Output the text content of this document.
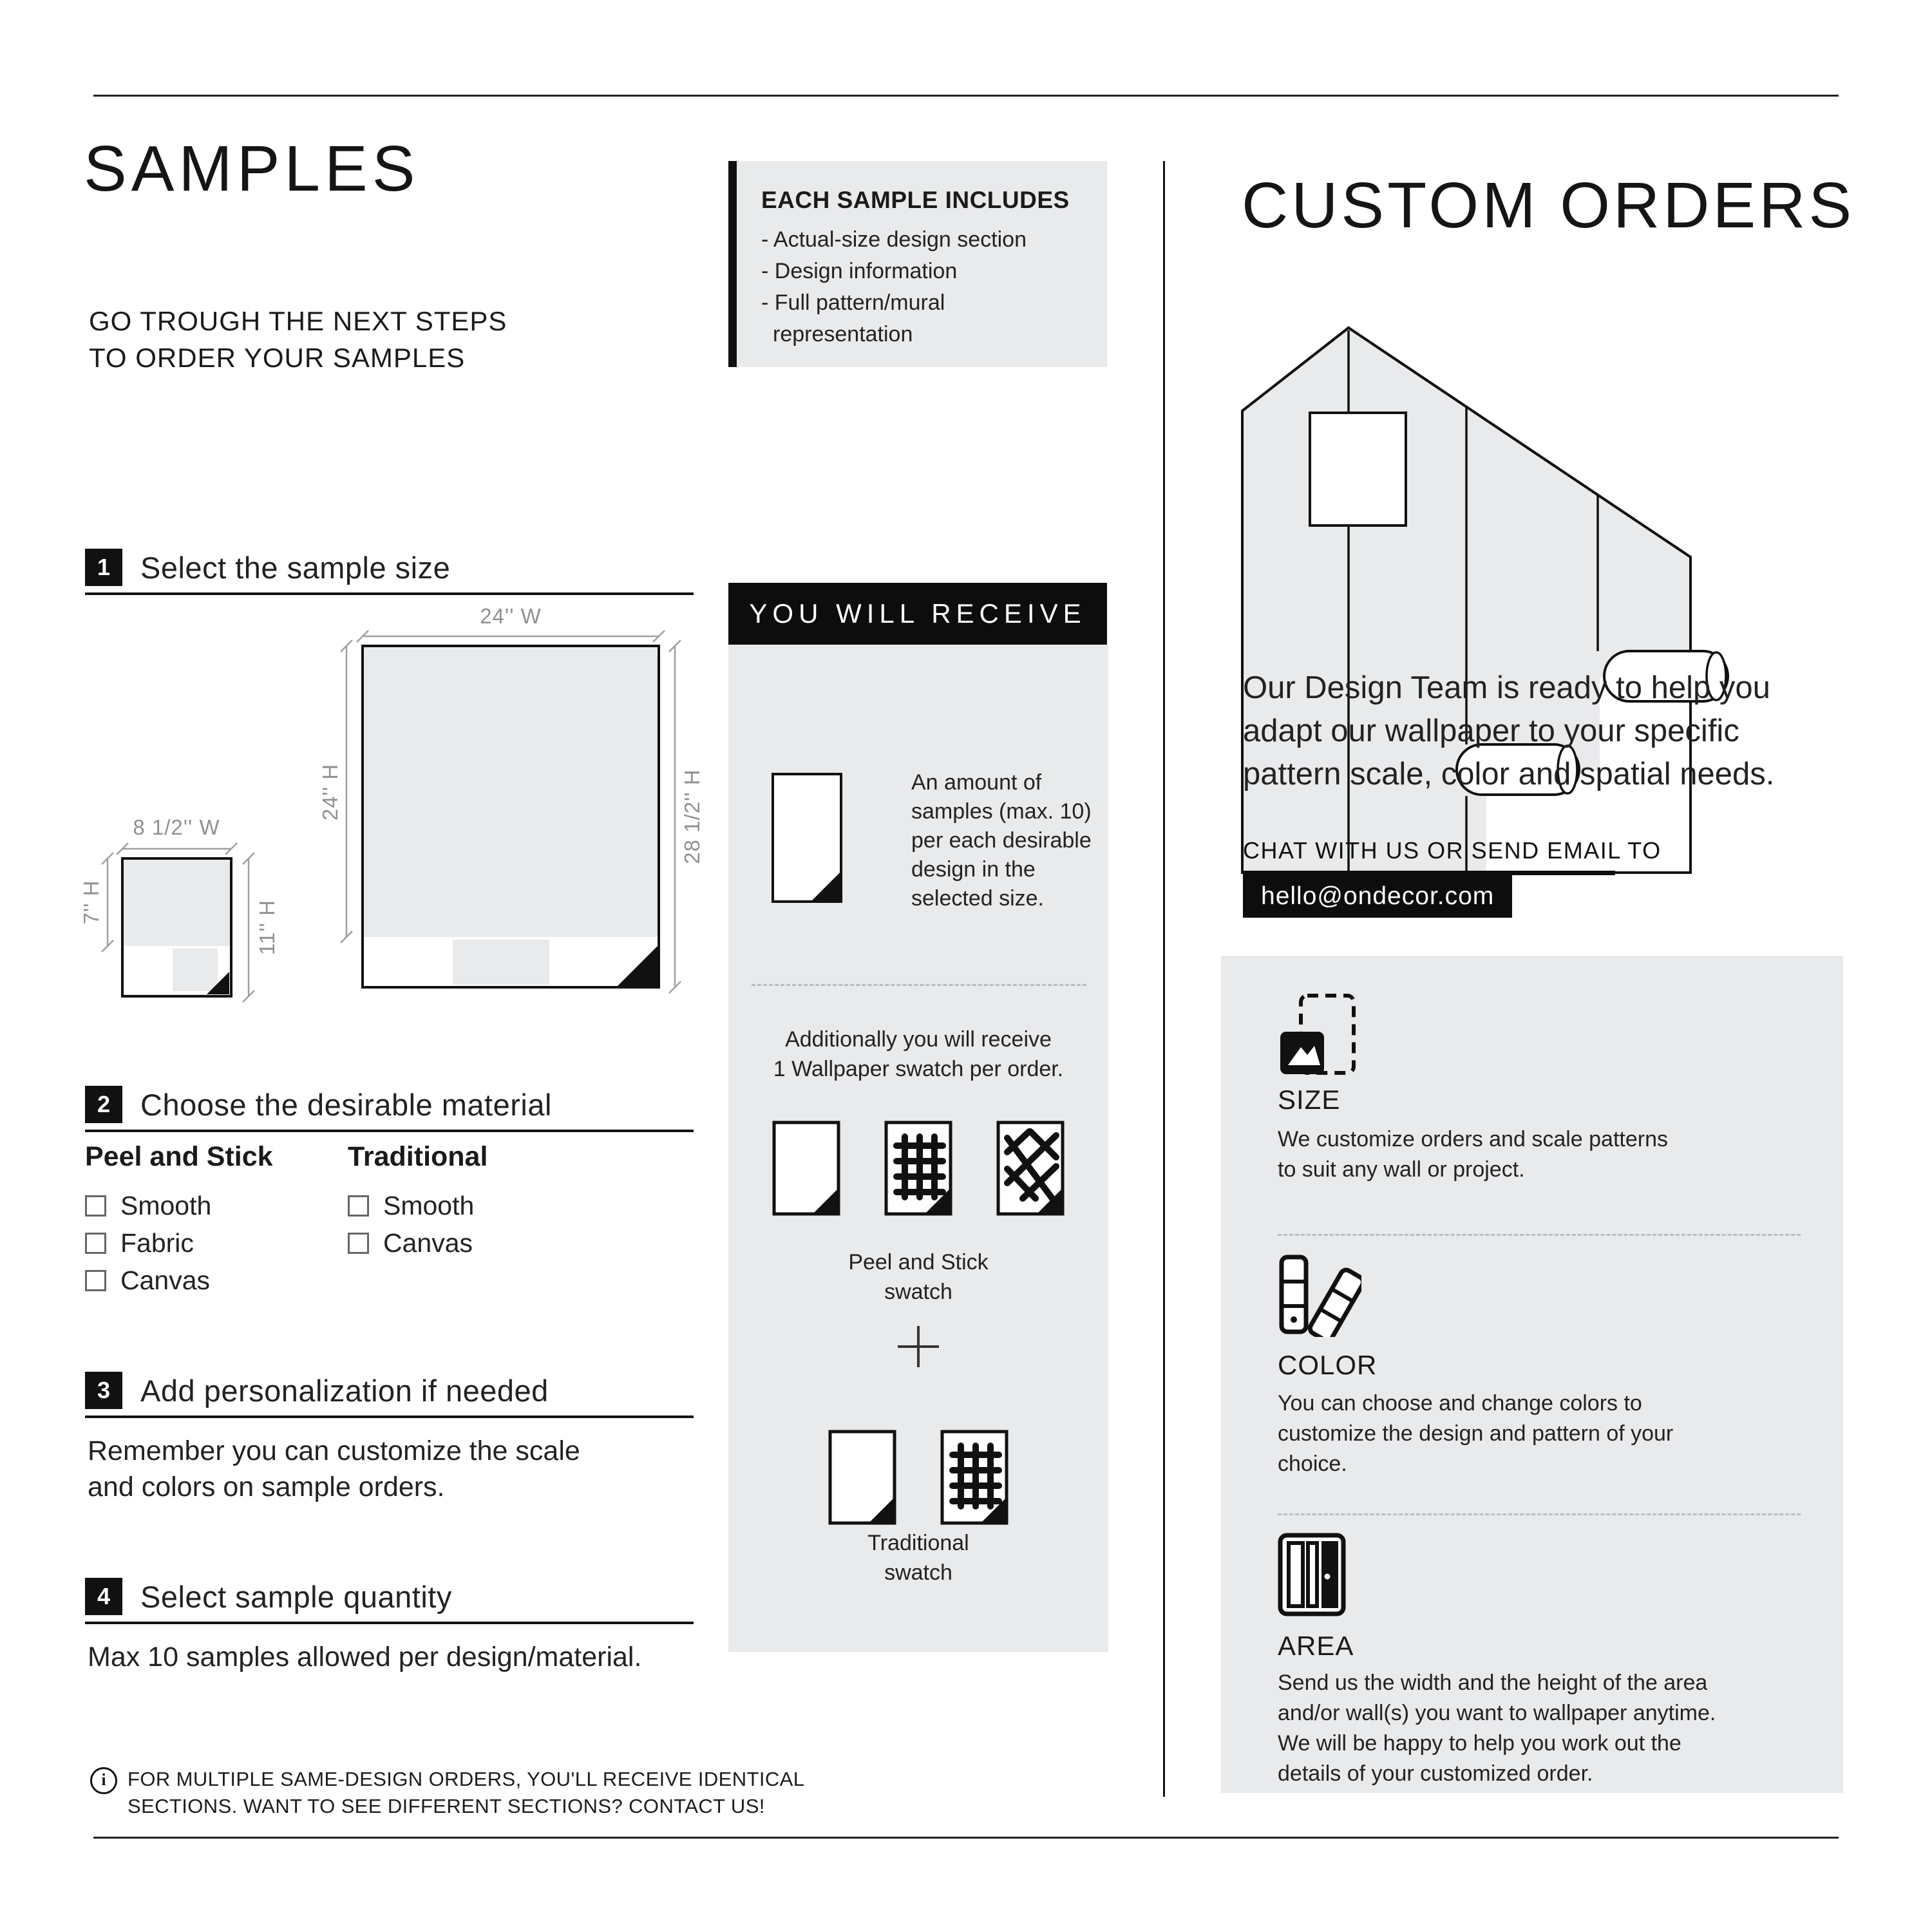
SAMPLES
GO TROUGH THE NEXT STEPS
TO ORDER YOUR SAMPLES
1 Select the sample size
24'' W
24'' H	28 1/2'' H
8 1/2'' W
7'' H	11'' H
2 Choose the desirable material
Peel and Stick
Smooth
Fabric
Canvas
Traditional
Smooth
Canvas
3 Add personalization if needed
Remember you can customize the scale
and colors on sample orders.
4 Select sample quantity
Max 10 samples allowed per design/material.
i	FOR MULTIPLE SAME-DESIGN ORDERS, YOU'LL RECEIVE IDENTICAL
SECTIONS. WANT TO SEE DIFFERENT SECTIONS? CONTACT US!
EACH SAMPLE INCLUDES
- Actual-size design section
- Design information
- Full pattern/mural
representation
YOU WILL RECEIVE
An amount of
samples (max. 10)
per each desirable
design in the
selected size.
Additionally you will receive
1 Wallpaper swatch per order.
Peel and Stick
swatch
Traditional
swatch
CUSTOM ORDERS
Our Design Team is ready to help you
adapt our wallpaper to your specific
pattern scale, color and spatial needs.
CHAT WITH US OR SEND EMAIL TO
hello@ondecor.com
SIZE
We customize orders and scale patterns
to suit any wall or project.
COLOR
You can choose and change colors to
customize the design and pattern of your
choice.
AREA
Send us the width and the height of the area
and/or wall(s) you want to wallpaper anytime.
We will be happy to help you work out the
details of your customized order.
